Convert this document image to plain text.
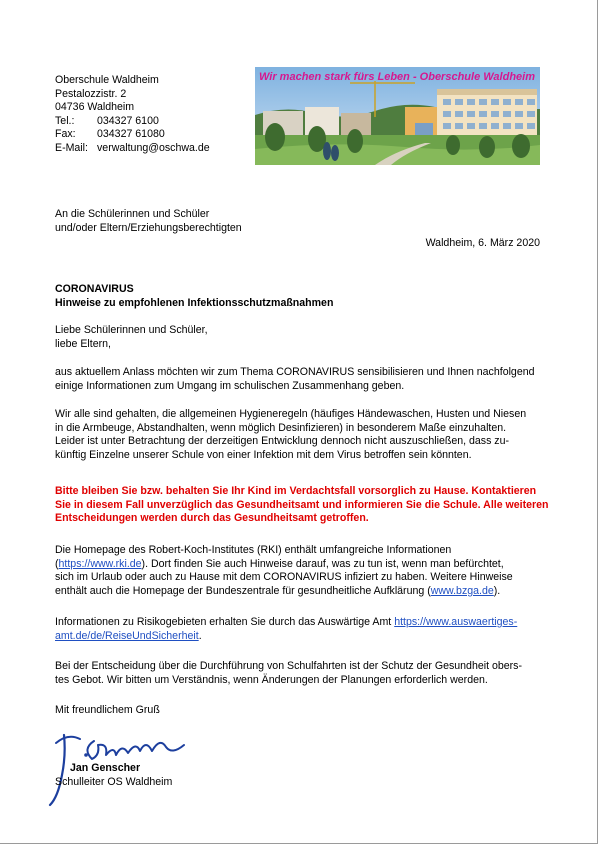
Oberschule Waldheim
Pestalozzistr. 2
04736 Waldheim
Tel.:	034327 6100
Fax:	034327 61080
E-Mail: verwaltung@oschwa.de
Wir machen stark fürs Leben - Oberschule Waldheim
An die Schülerinnen und Schüler
und/oder Eltern/Erziehungsberechtigten
Waldheim, 6. März 2020
CORONAVIRUS
Hinweise zu empfohlenen Infektionsschutzmaßnahmen
Liebe Schülerinnen und Schüler,
liebe Eltern,
aus aktuellem Anlass möchten wir zum Thema CORONAVIRUS sensibilisieren und Ihnen nachfolgend
einige Informationen zum Umgang im schulischen Zusammenhang geben.
Wir alle sind gehalten, die allgemeinen Hygieneregeln (häufiges Händewaschen, Husten und Niesen
in die Armbeuge, Abstandhalten, wenn möglich Desinfizieren) in besonderem Maße einzuhalten.
Leider ist unter Betrachtung der derzeitigen Entwicklung dennoch nicht auszuschließen, dass zu-
künftig Einzelne unserer Schule von einer Infektion mit dem Virus betroffen sein könnten.
Bitte bleiben Sie bzw. behalten Sie Ihr Kind im Verdachtsfall vorsorglich zu Hause. Kontaktieren
Sie in diesem Fall unverzüglich das Gesundheitsamt und informieren Sie die Schule. Alle weiteren
Entscheidungen werden durch das Gesundheitsamt getroffen.
Die Homepage des Robert-Koch-Institutes (RKI) enthält umfangreiche Informationen
(https://www.rki.de). Dort finden Sie auch Hinweise darauf, was zu tun ist, wenn man befürchtet,
sich im Urlaub oder auch zu Hause mit dem CORONAVIRUS infiziert zu haben. Weitere Hinweise
enthält auch die Homepage der Bundeszentrale für gesundheitliche Aufklärung (www.bzga.de).
Informationen zu Risikogebieten erhalten Sie durch das Auswärtige Amt https://www.auswaertiges-
amt.de/de/ReiseUndSicherheit.
Bei der Entscheidung über die Durchführung von Schulfahrten ist der Schutz der Gesundheit obers-
tes Gebot. Wir bitten um Verständnis, wenn Änderungen der Planungen erforderlich werden.
Mit freundlichem Gruß
Jan Genscher
Schulleiter OS Waldheim
